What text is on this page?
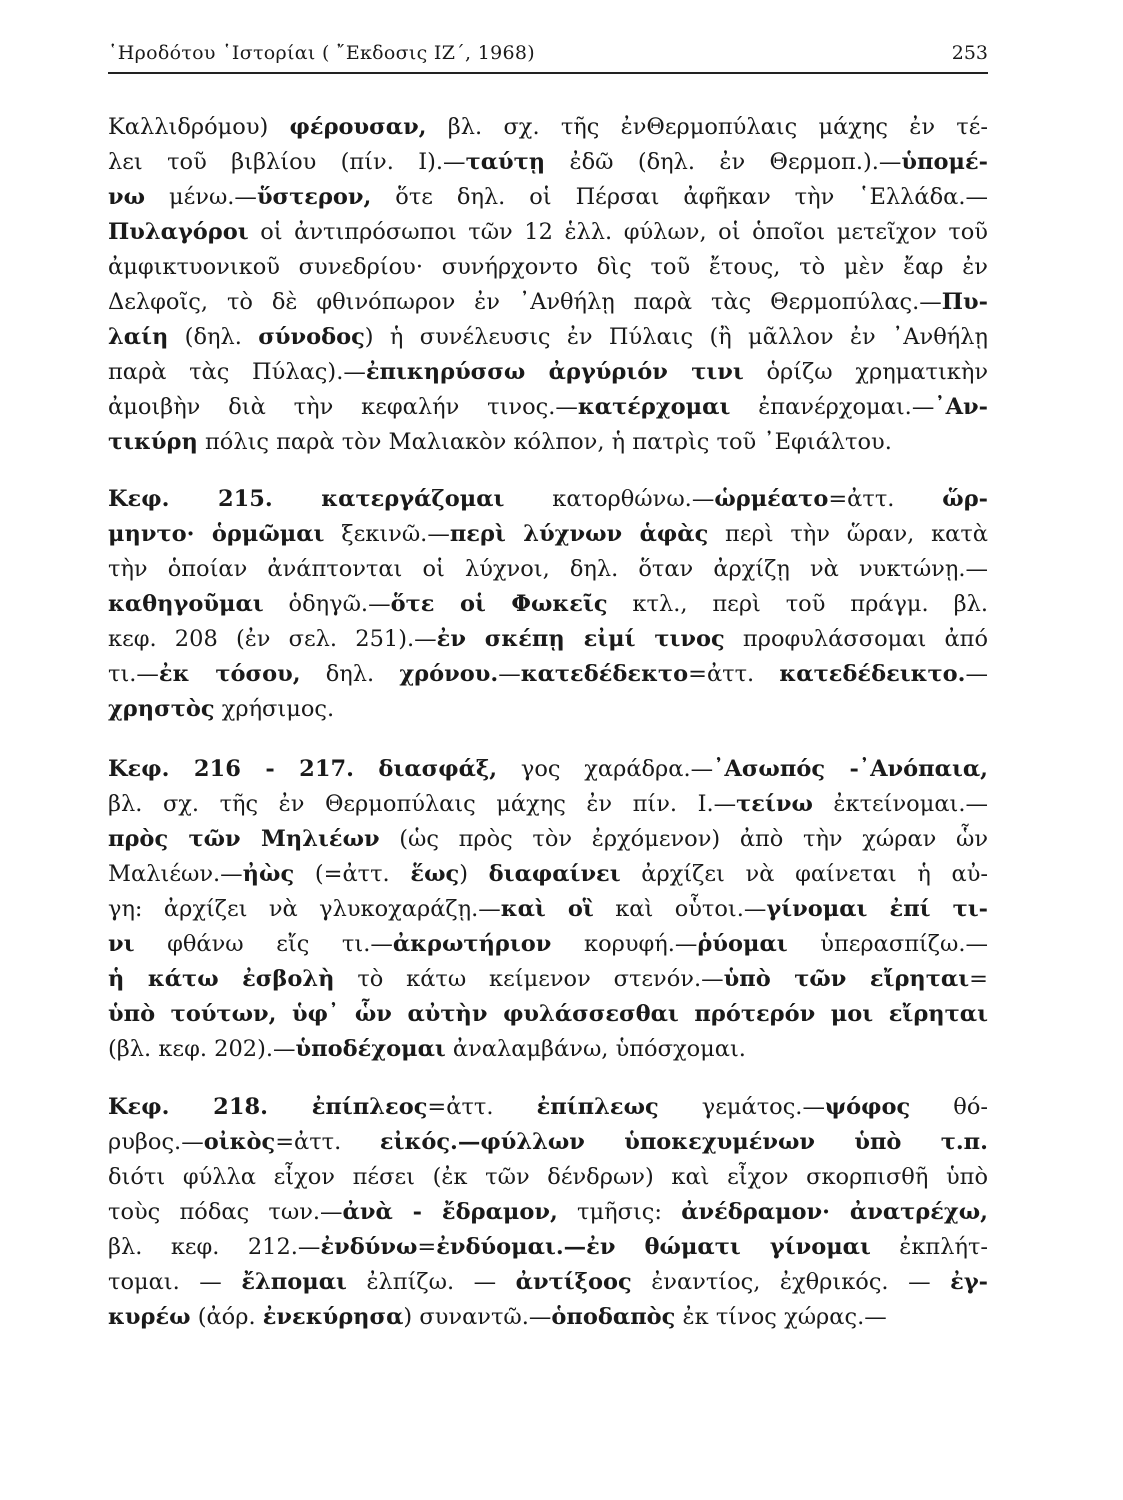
῾Ηροδότου ῾Ιστορίαι ( ῎Εκδοσις ΙΖ΄, 1968)	253
Καλλιδρόμου) φέρουσαν, βλ. σχ. τῆς ἐνΘερμοπύλαις μάχης ἐν τέ-
λει τοῦ βιβλίου (πίν. Ι).—ταύτῃ ἐδῶ (δηλ. ἐν Θερμοπ.).—ὑπομέ-
νω μένω.—ὕστερον, ὅτε δηλ. οἱ Πέρσαι ἀφῆκαν τὴν ῾Ελλάδα.—
Πυλαγόροι οἱ ἀντιπρόσωποι τῶν 12 ἑλλ. φύλων, οἱ ὁποῖοι μετεῖχον τοῦ
ἀμφικτυονικοῦ συνεδρίου· συνήρχοντο δὶς τοῦ ἔτους, τὸ μὲν ἔαρ ἐν
Δελφοῖς, τὸ δὲ φθινόπωρον ἐν ᾿Ανθήλῃ παρὰ τὰς Θερμοπύλας.—Πυ-
λαίη (δηλ. σύνοδος) ἡ συνέλευσις ἐν Πύλαις (ἢ μᾶλλον ἐν ᾿Ανθήλῃ
παρὰ τὰς Πύλας).—ἐπικηρύσσω ἀργύριόν τινι ὁρίζω χρηματικὴν
ἀμοιβὴν διὰ τὴν κεφαλήν τινος.—κατέρχομαι ἐπανέρχομαι.—᾿Αν-
τικύρη πόλις παρὰ τὸν Μαλιακὸν κόλπον, ἡ πατρὶς τοῦ ᾿Εφιάλτου.
Κεφ. 215. κατεργάζομαι κατορθώνω.—ὡρμέατο=ἀττ. ὥρ-
μηντο· ὁρμῶμαι ξεκινῶ.—περὶ λύχνων ἁφὰς περὶ τὴν ὥραν, κατὰ
τὴν ὁποίαν ἀνάπτονται οἱ λύχνοι, δηλ. ὅταν ἀρχίζῃ νὰ νυκτώνῃ.—
καθηγοῦμαι ὁδηγῶ.—ὅτε οἱ Φωκεῖς κτλ., περὶ τοῦ πράγμ. βλ.
κεφ. 208 (ἐν σελ. 251).—ἐν σκέπῃ εἰμί τινος προφυλάσσομαι ἀπό
τι.—ἐκ τόσου, δηλ. χρόνου.—κατεδέδεκτο=ἀττ. κατεδέδεικτο.—
χρηστὸς χρήσιμος.
Κεφ. 216 - 217. διασφάξ, γος χαράδρα.—᾿Ασωπός -᾿Ανόπαια,
βλ. σχ. τῆς ἐν Θερμοπύλαις μάχης ἐν πίν. Ι.—τείνω ἐκτείνομαι.—
πρὸς τῶν Μηλιέων (ὡς πρὸς τὸν ἐρχόμενον) ἀπὸ τὴν χώραν ὧν
Μαλιέων.—ἠὼς (=ἀττ. ἕως) διαφαίνει ἀρχίζει νὰ φαίνεται ἡ αὐ-
γη: ἀρχίζει νὰ γλυκοχαράζῃ.—καὶ οἳ καὶ οὗτοι.—γίνομαι ἐπί τι-
νι φθάνω εἴς τι.—ἀκρωτήριον κορυφή.—ῥύομαι ὑπερασπίζω.—
ἡ κάτω ἐσβολὴ τὸ κάτω κείμενον στενόν.—ὑπὸ τῶν εἴρηται=
ὑπὸ τούτων, ὑφ᾿ ὧν αὐτὴν φυλάσσεσθαι πρότερόν μοι εἴρηται
(βλ. κεφ. 202).—ὑποδέχομαι ἀναλαμβάνω, ὑπόσχομαι.
Κεφ. 218. ἐπίπλεος=ἀττ. ἐπίπλεως γεμάτος.—ψόφος θό-
ρυβος.—οἰκὸς=ἀττ. εἰκός.—φύλλων ὑποκεχυμένων ὑπὸ τ.π.
διότι φύλλα εἶχον πέσει (ἐκ τῶν δένδρων) καὶ εἶχον σκορπισθῆ ὑπὸ
τοὺς πόδας των.—ἀνὰ - ἔδραμον, τμῆσις: ἀνέδραμον· ἀνατρέχω,
βλ. κεφ. 212.—ἐνδύνω=ἐνδύομαι.—ἐν θώματι γίνομαι ἐκπλήτ-
τομαι. — ἔλπομαι ἐλπίζω. — ἀντίξοος ἐναντίος, ἐχθρικός. — ἐγ-
κυρέω (ἀόρ. ἐνεκύρησα) συναντῶ.—ὁποδαπὸς ἐκ τίνος χώρας.—
